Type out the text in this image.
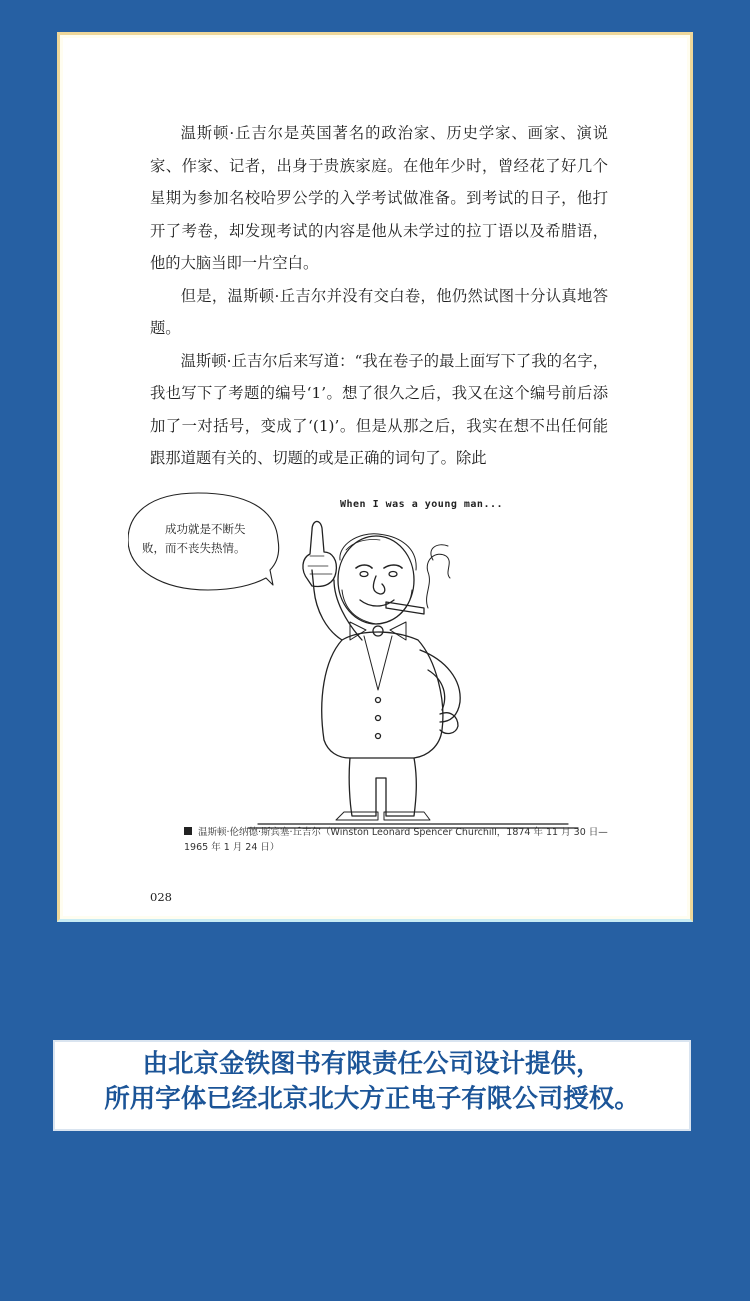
温斯顿·丘吉尔是英国著名的政治家、历史学家、画家、演说家、作家、记者，出身于贵族家庭。在他年少时，曾经花了好几个星期为参加名校哈罗公学的入学考试做准备。到考试的日子，他打开了考卷，却发现考试的内容是他从未学过的拉丁语以及希腊语，他的大脑当即一片空白。

但是，温斯顿·丘吉尔并没有交白卷，他仍然试图十分认真地答题。

温斯顿·丘吉尔后来写道：“我在卷子的最上面写下了我的名字，我也写下了考题的编号‘1’。想了很久之后，我又在这个编号前后添加了一对括号，变成了‘(1)’。但是从那之后，我实在想不出任何能跟那道题有关的、切题的或是正确的词句了。除此

When I was a young man...
成功就是不断失败，而不丧失热情。
温斯顿·伦纳德·斯宾塞·丘吉尔（Winston Leonard Spencer Churchill，1874 年 11 月 30 日—1965 年 1 月 24 日）
028
由北京金铁图书有限责任公司设计提供，
所用字体已经北京北大方正电子有限公司授权。
